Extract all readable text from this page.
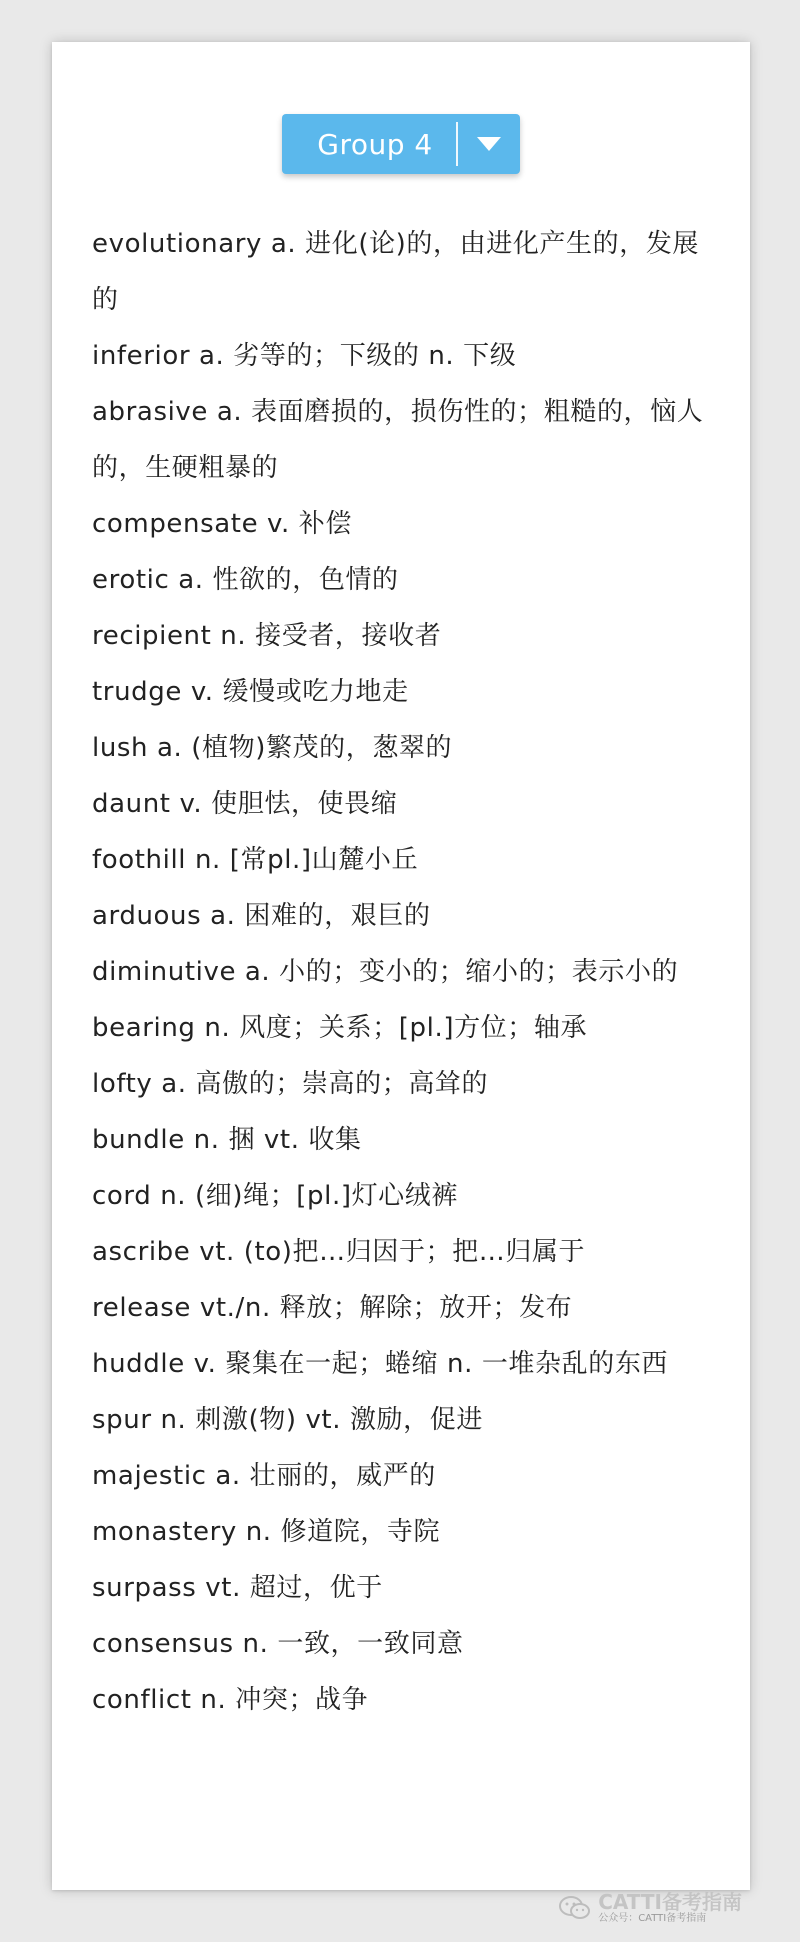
Group 4
evolutionary a. 进化(论)的，由进化产生的，发展的
inferior a. 劣等的；下级的 n. 下级
abrasive a. 表面磨损的，损伤性的；粗糙的，恼人的，生硬粗暴的
compensate v. 补偿
erotic a. 性欲的，色情的
recipient n. 接受者，接收者
trudge v. 缓慢或吃力地走
lush a. (植物)繁茂的，葱翠的
daunt v. 使胆怯，使畏缩
foothill n. [常pl.]山麓小丘
arduous a. 困难的，艰巨的
diminutive a. 小的；变小的；缩小的；表示小的
bearing n. 风度；关系；[pl.]方位；轴承
lofty a. 高傲的；崇高的；高耸的
bundle n. 捆 vt. 收集
cord n. (细)绳；[pl.]灯心绒裤
ascribe vt. (to)把…归因于；把…归属于
release vt./n. 释放；解除；放开；发布
huddle v. 聚集在一起；蜷缩 n. 一堆杂乱的东西
spur n. 刺激(物) vt. 激励，促进
majestic a. 壮丽的，威严的
monastery n. 修道院，寺院
surpass vt. 超过，优于
consensus n. 一致，一致同意
conflict n. 冲突；战争
CATTI备考指南
公众号：CATTI备考指南
